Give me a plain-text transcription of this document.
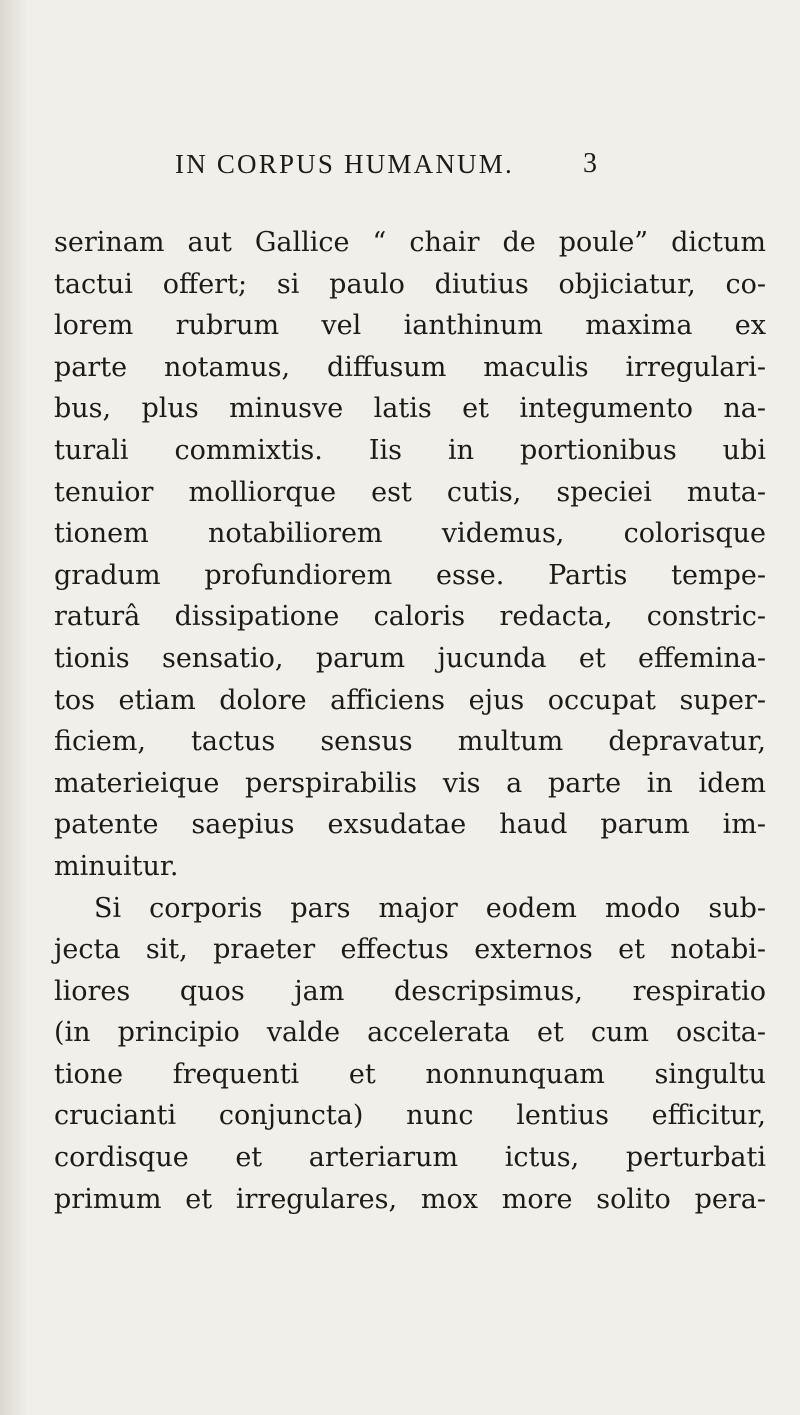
IN CORPUS HUMANUM. 3
serinam aut Gallice “ chair de poule” dictum
tactui offert; si paulo diutius objiciatur, co-
lorem rubrum vel ianthinum maxima ex
parte notamus, diffusum maculis irregulari-
bus, plus minusve latis et integumento na-
turali commixtis. Iis in portionibus ubi
tenuior molliorque est cutis, speciei muta-
tionem notabiliorem videmus, colorisque
gradum profundiorem esse. Partis tempe-
raturâ dissipatione caloris redacta, constric-
tionis sensatio, parum jucunda et effemina-
tos etiam dolore afficiens ejus occupat super-
ficiem, tactus sensus multum depravatur,
materieique perspirabilis vis a parte in idem
patente saepius exsudatae haud parum im-
minuitur.
Si corporis pars major eodem modo sub-
jecta sit, praeter effectus externos et notabi-
liores quos jam descripsimus, respiratio
(in principio valde accelerata et cum oscita-
tione frequenti et nonnunquam singultu
crucianti conjuncta) nunc lentius efficitur,
cordisque et arteriarum ictus, perturbati
primum et irregulares, mox more solito pera-
